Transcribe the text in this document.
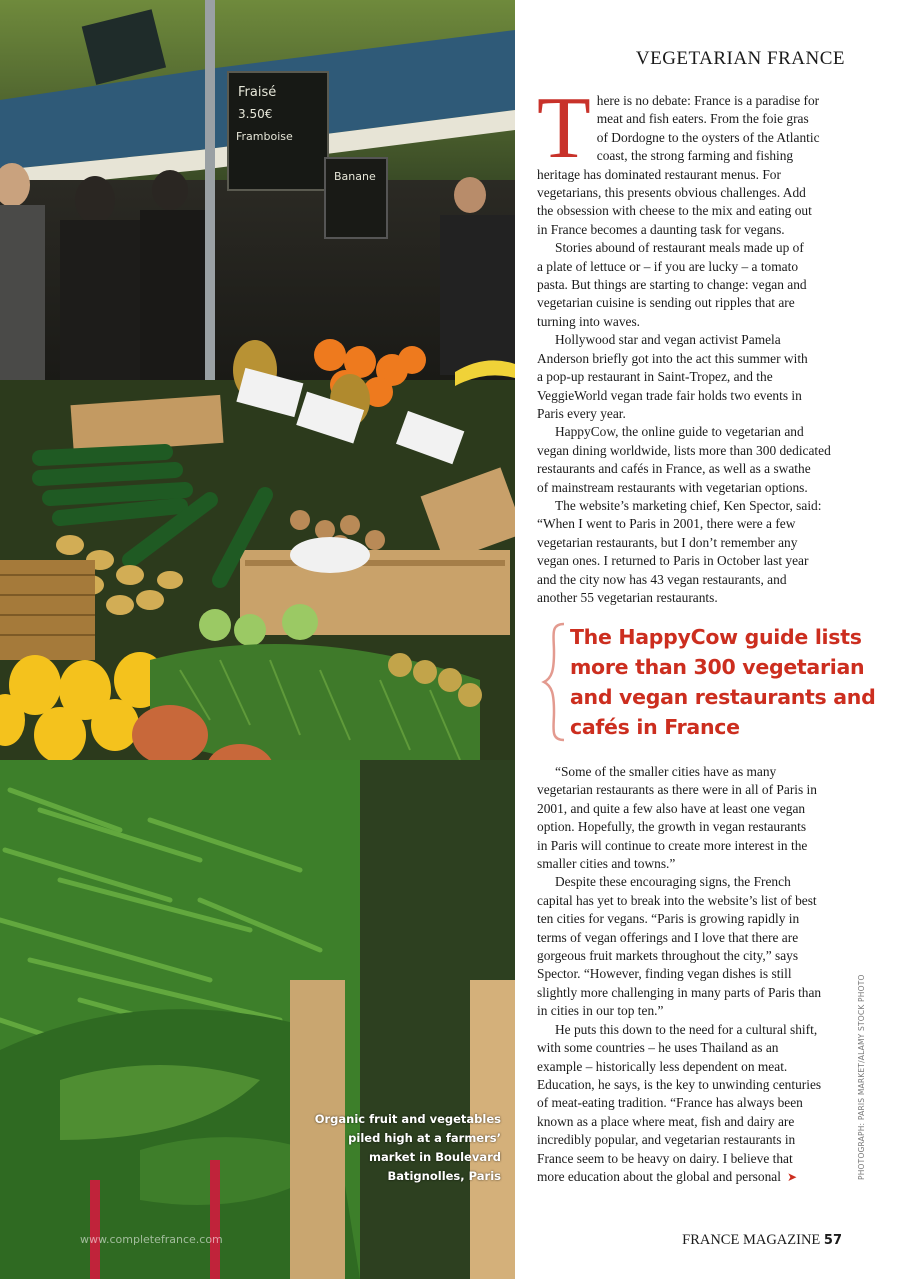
Fraisé
3.50€
Framboise
Banane
Organic fruit and vegetables
piled high at a farmers’
market in Boulevard
Batignolles, Paris
www.completefrance.com
VEGETARIAN FRANCE
T here is no debate: France is a paradise for
meat and fish eaters. From the foie gras
of Dordogne to the oysters of the Atlantic
coast, the strong farming and fishing
heritage has dominated restaurant menus. For
vegetarians, this presents obvious challenges. Add
the obsession with cheese to the mix and eating out
in France becomes a daunting task for vegans.

Stories abound of restaurant meals made up of
a plate of lettuce or – if you are lucky – a tomato
pasta. But things are starting to change: vegan and
vegetarian cuisine is sending out ripples that are
turning into waves.

Hollywood star and vegan activist Pamela
Anderson briefly got into the act this summer with
a pop-up restaurant in Saint-Tropez, and the
VeggieWorld vegan trade fair holds two events in
Paris every year.

HappyCow, the online guide to vegetarian and
vegan dining worldwide, lists more than 300 dedicated
restaurants and cafés in France, as well as a swathe
of mainstream restaurants with vegetarian options.

The website’s marketing chief, Ken Spector, said:
“When I went to Paris in 2001, there were a few
vegetarian restaurants, but I don’t remember any
vegan ones. I returned to Paris in October last year
and the city now has 43 vegan restaurants, and
another 55 vegetarian restaurants.

The HappyCow guide lists
more than 300 vegetarian
and vegan restaurants and
cafés in France

“Some of the smaller cities have as many
vegetarian restaurants as there were in all of Paris in
2001, and quite a few also have at least one vegan
option. Hopefully, the growth in vegan restaurants
in Paris will continue to create more interest in the
smaller cities and towns.”

Despite these encouraging signs, the French
capital has yet to break into the website’s list of best
ten cities for vegans. “Paris is growing rapidly in
terms of vegan offerings and I love that there are
gorgeous fruit markets throughout the city,” says
Spector. “However, finding vegan dishes is still
slightly more challenging in many parts of Paris than
in cities in our top ten.”

He puts this down to the need for a cultural shift,
with some countries – he uses Thailand as an
example – historically less dependent on meat.
Education, he says, is the key to unwinding centuries
of meat-eating tradition. “France has always been
known as a place where meat, fish and dairy are
incredibly popular, and vegetarian restaurants in
France seem to be heavy on dairy. I believe that
more education about the global and personal ➤	PHOTOGRAPH: PARIS MARKET/ALAMY STOCK PHOTO
FRANCE MAGAZINE 57
